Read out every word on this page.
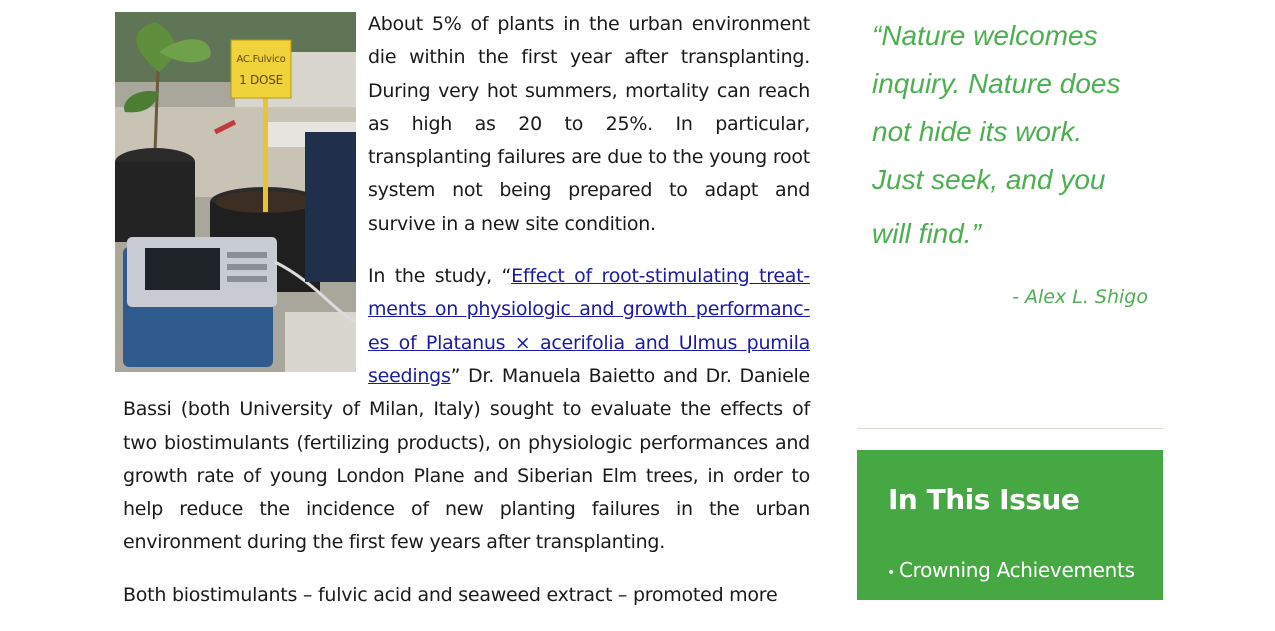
AC.Fulvico
1 DOSE
About 5% of plants in the urban environment die within the first year after transplanting. During very hot summers, mortality can reach as high as 20 to 25%. In particular, transplanting failures are due to the young root system not being prepared to adapt and survive in a new site condition.

In the study, “Effect of root-stimulating treat-ments on physiologic and growth performanc-es of Platanus × acerifolia and Ulmus pumila seedings” Dr. Manuela Baietto and Dr. Daniele Bassi (both University of Milan, Italy) sought to evaluate the effects of two biostimulants (fertilizing products), on physiologic performances and growth rate of young London Plane and Siberian Elm trees, in order to help reduce the incidence of new planting failures in the urban environment during the first few years after transplanting.

Both biostimulants – fulvic acid and seaweed extract – promoted more

“Nature welcomes
inquiry. Nature does
not hide its work.
Just seek, and you
will find.”
- Alex L. Shigo
In This Issue
• Crowning Achievements
